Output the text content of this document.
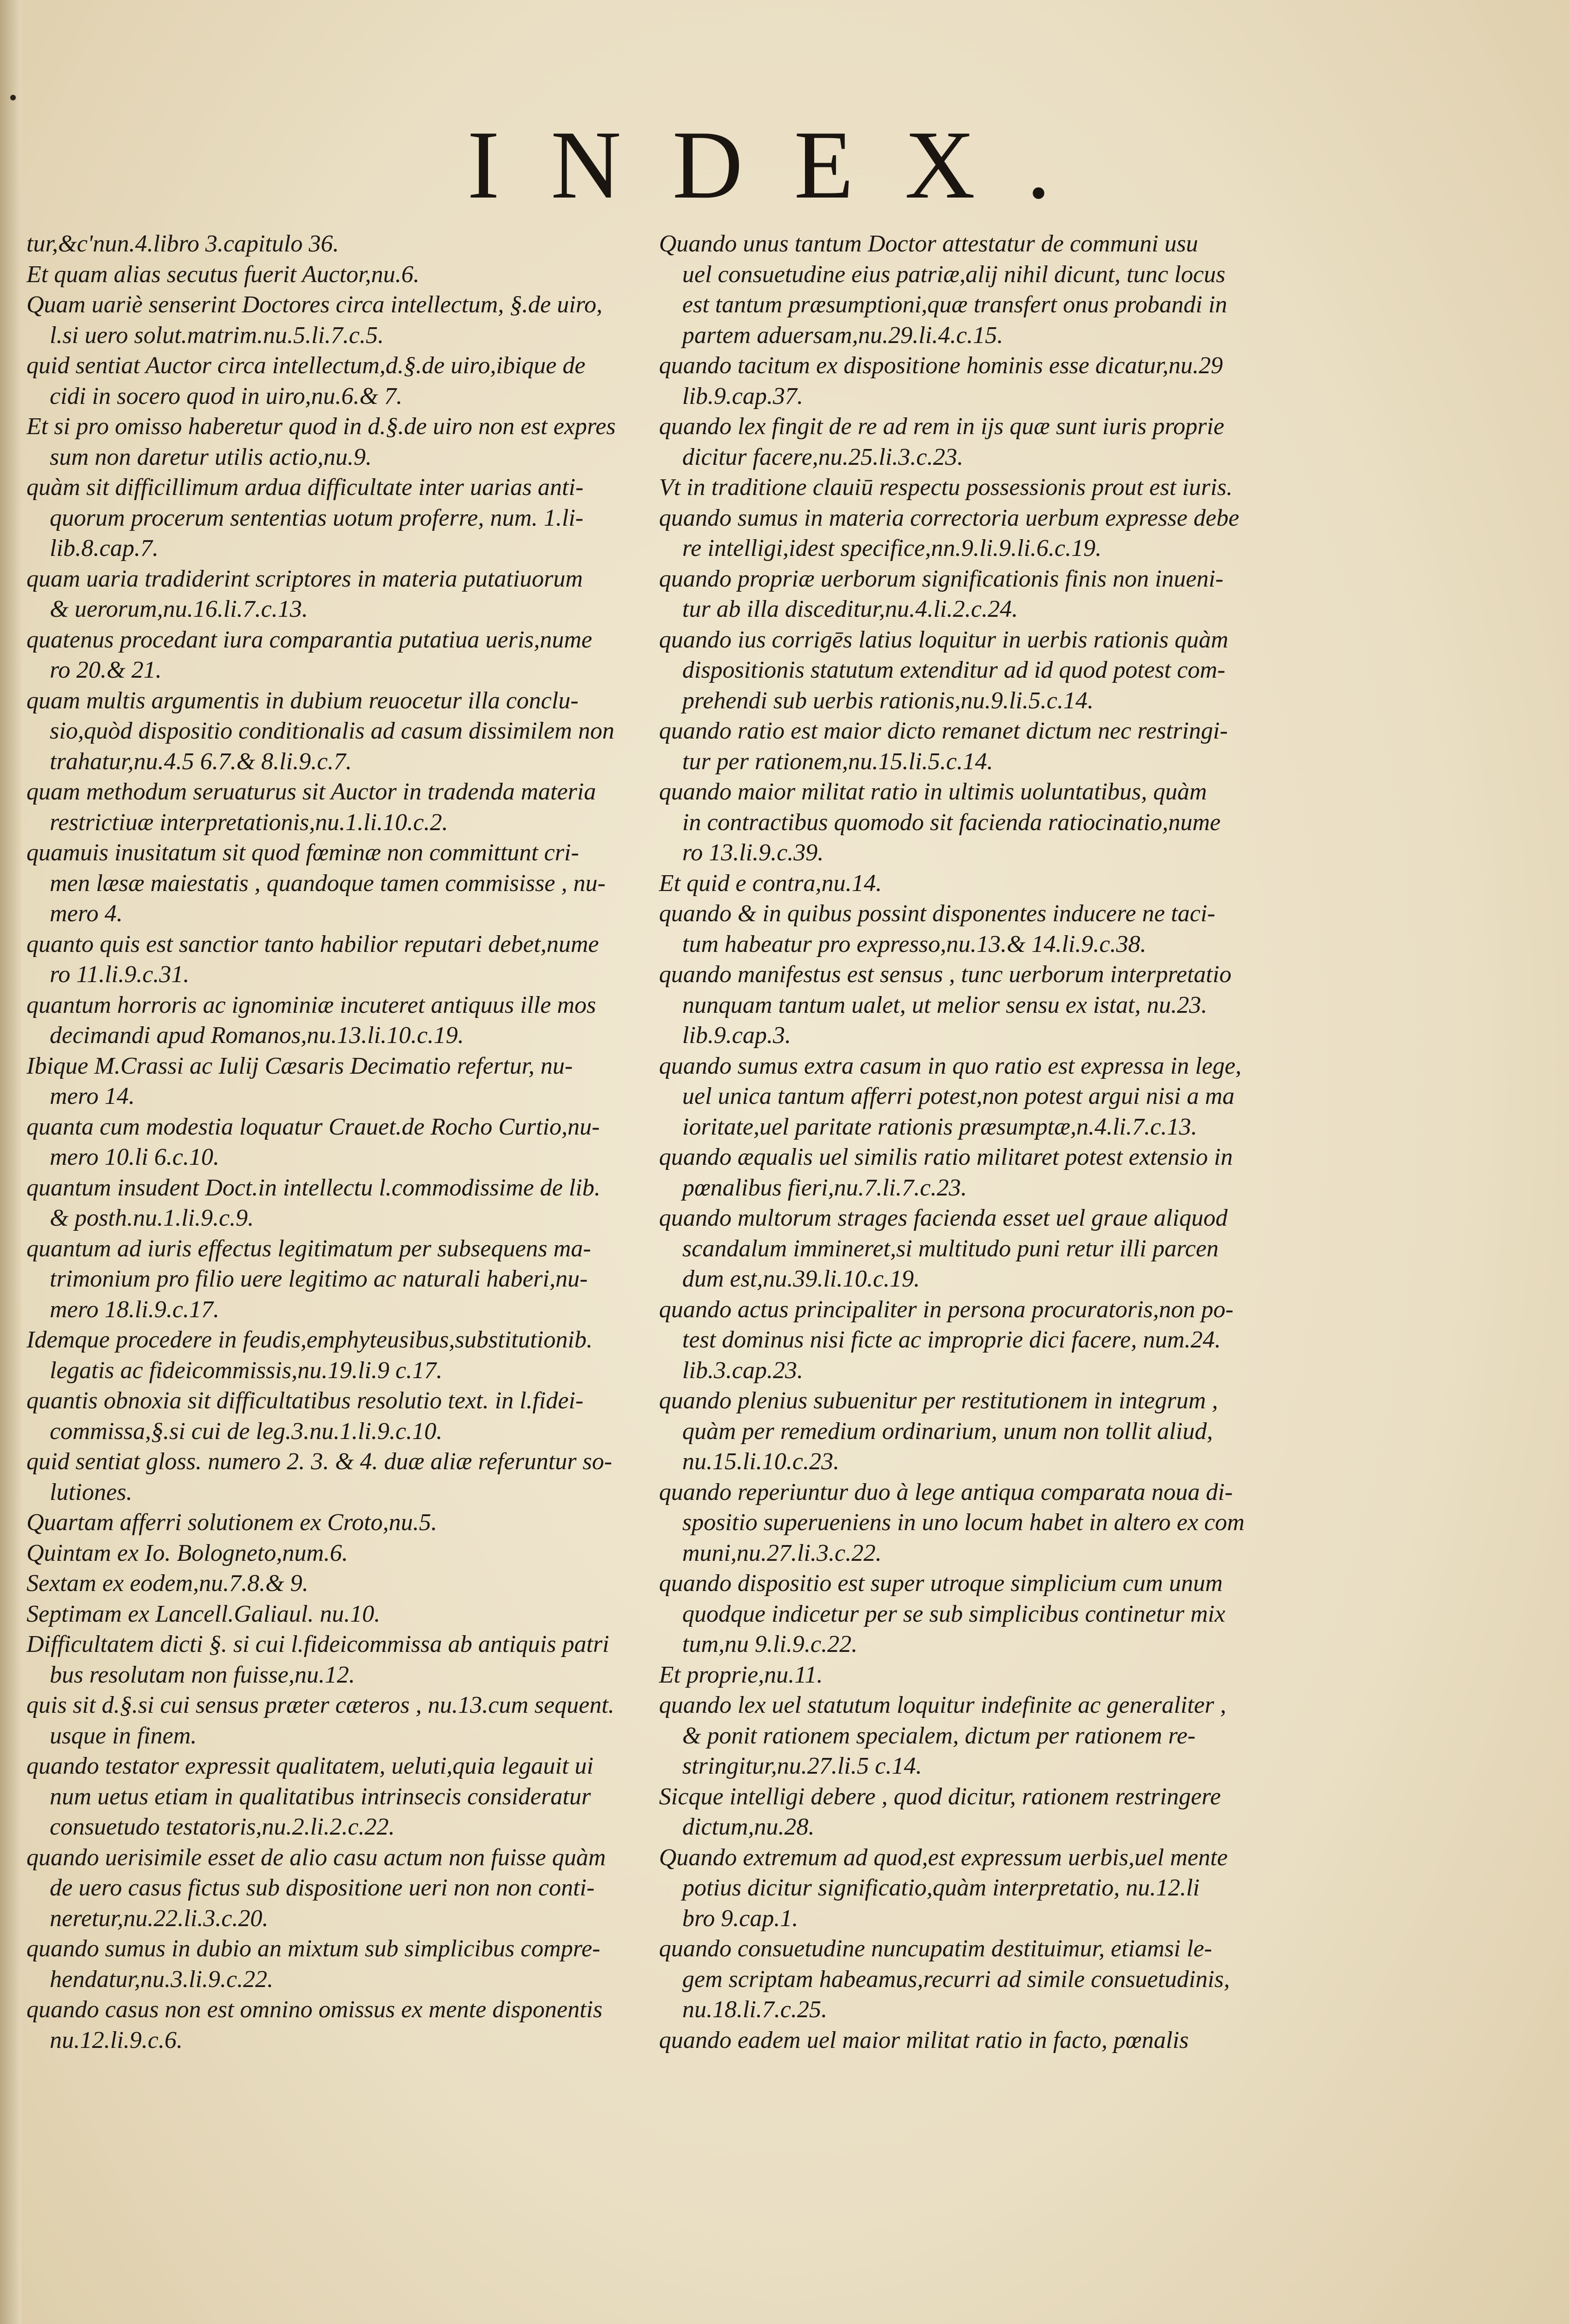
INDEX.
tur,&c'nun.4.libro 3.capitulo 36.
Et quam alias secutus fuerit Auctor,nu.6.
Quam uariè senserint Doctores circa intellectum, §.de uiro,
l.si uero solut.matrim.nu.5.li.7.c.5.
quid sentiat Auctor circa intellectum,d.§.de uiro,ibique de
cidi in socero quod in uiro,nu.6.& 7.
Et si pro omisso haberetur quod in d.§.de uiro non est expres
sum non daretur utilis actio,nu.9.
quàm sit difficillimum ardua difficultate inter uarias anti-
quorum procerum sententias uotum proferre, num. 1.li-
lib.8.cap.7.
quam uaria tradiderint scriptores in materia putatiuorum
& uerorum,nu.16.li.7.c.13.
quatenus procedant iura comparantia putatiua ueris,nume
ro 20.& 21.
quam multis argumentis in dubium reuocetur illa conclu-
sio,quòd dispositio conditionalis ad casum dissimilem non
trahatur,nu.4.5 6.7.& 8.li.9.c.7.
quam methodum seruaturus sit Auctor in tradenda materia
restrictiuæ interpretationis,nu.1.li.10.c.2.
quamuis inusitatum sit quod fœminæ non committunt cri-
men læsæ maiestatis , quandoque tamen commisisse , nu-
mero 4.
quanto quis est sanctior tanto habilior reputari debet,nume
ro 11.li.9.c.31.
quantum horroris ac ignominiæ incuteret antiquus ille mos
decimandi apud Romanos,nu.13.li.10.c.19.
Ibique M.Crassi ac Iulij Cæsaris Decimatio refertur, nu-
mero 14.
quanta cum modestia loquatur Crauet.de Rocho Curtio,nu-
mero 10.li 6.c.10.
quantum insudent Doct.in intellectu l.commodissime de lib.
& posth.nu.1.li.9.c.9.
quantum ad iuris effectus legitimatum per subsequens ma-
trimonium pro filio uere legitimo ac naturali haberi,nu-
mero 18.li.9.c.17.
Idemque procedere in feudis,emphyteusibus,substitutionib.
legatis ac fideicommissis,nu.19.li.9 c.17.
quantis obnoxia sit difficultatibus resolutio text. in l.fidei-
commissa,§.si cui de leg.3.nu.1.li.9.c.10.
quid sentiat gloss. numero 2. 3. & 4. duæ aliæ referuntur so-
lutiones.
Quartam afferri solutionem ex Croto,nu.5.
Quintam ex Io. Bologneto,num.6.
Sextam ex eodem,nu.7.8.& 9.
Septimam ex Lancell.Galiaul. nu.10.
Difficultatem dicti §. si cui l.fideicommissa ab antiquis patri
bus resolutam non fuisse,nu.12.
quis sit d.§.si cui sensus præter cæteros , nu.13.cum sequent.
usque in finem.
quando testator expressit qualitatem, ueluti,quia legauit ui
num uetus etiam in qualitatibus intrinsecis consideratur
consuetudo testatoris,nu.2.li.2.c.22.
quando uerisimile esset de alio casu actum non fuisse quàm
de uero casus fictus sub dispositione ueri non non conti-
neretur,nu.22.li.3.c.20.
quando sumus in dubio an mixtum sub simplicibus compre-
hendatur,nu.3.li.9.c.22.
quando casus non est omnino omissus ex mente disponentis
nu.12.li.9.c.6.
Quando unus tantum Doctor attestatur de communi usu
uel consuetudine eius patriæ,alij nihil dicunt, tunc locus
est tantum præsumptioni,quæ transfert onus probandi in
partem aduersam,nu.29.li.4.c.15.
quando tacitum ex dispositione hominis esse dicatur,nu.29
lib.9.cap.37.
quando lex fingit de re ad rem in ijs quæ sunt iuris proprie
dicitur facere,nu.25.li.3.c.23.
Vt in traditione clauiū respectu possessionis prout est iuris.
quando sumus in materia correctoria uerbum expresse debe
re intelligi,idest specifice,nn.9.li.9.li.6.c.19.
quando propriæ uerborum significationis finis non inueni-
tur ab illa disceditur,nu.4.li.2.c.24.
quando ius corrigēs latius loquitur in uerbis rationis quàm
dispositionis statutum extenditur ad id quod potest com-
prehendi sub uerbis rationis,nu.9.li.5.c.14.
quando ratio est maior dicto remanet dictum nec restringi-
tur per rationem,nu.15.li.5.c.14.
quando maior militat ratio in ultimis uoluntatibus, quàm
in contractibus quomodo sit facienda ratiocinatio,nume
ro 13.li.9.c.39.
Et quid e contra,nu.14.
quando & in quibus possint disponentes inducere ne taci-
tum habeatur pro expresso,nu.13.& 14.li.9.c.38.
quando manifestus est sensus , tunc uerborum interpretatio
nunquam tantum ualet, ut melior sensu ex istat, nu.23.
lib.9.cap.3.
quando sumus extra casum in quo ratio est expressa in lege,
uel unica tantum afferri potest,non potest argui nisi a ma
ioritate,uel paritate rationis præsumptæ,n.4.li.7.c.13.
quando æqualis uel similis ratio militaret potest extensio in
pœnalibus fieri,nu.7.li.7.c.23.
quando multorum strages facienda esset uel graue aliquod
scandalum immineret,si multitudo puni retur illi parcen
dum est,nu.39.li.10.c.19.
quando actus principaliter in persona procuratoris,non po-
test dominus nisi ficte ac improprie dici facere, num.24.
lib.3.cap.23.
quando plenius subuenitur per restitutionem in integrum ,
quàm per remedium ordinarium, unum non tollit aliud,
nu.15.li.10.c.23.
quando reperiuntur duo à lege antiqua comparata noua di-
spositio superueniens in uno locum habet in altero ex com
muni,nu.27.li.3.c.22.
quando dispositio est super utroque simplicium cum unum
quodque indicetur per se sub simplicibus continetur mix
tum,nu 9.li.9.c.22.
Et proprie,nu.11.
quando lex uel statutum loquitur indefinite ac generaliter ,
& ponit rationem specialem, dictum per rationem re-
stringitur,nu.27.li.5 c.14.
Sicque intelligi debere , quod dicitur, rationem restringere
dictum,nu.28.
Quando extremum ad quod,est expressum uerbis,uel mente
potius dicitur significatio,quàm interpretatio, nu.12.li
bro 9.cap.1.
quando consuetudine nuncupatim destituimur, etiamsi le-
gem scriptam habeamus,recurri ad simile consuetudinis,
nu.18.li.7.c.25.
quando eadem uel maior militat ratio in facto, pœnalis
